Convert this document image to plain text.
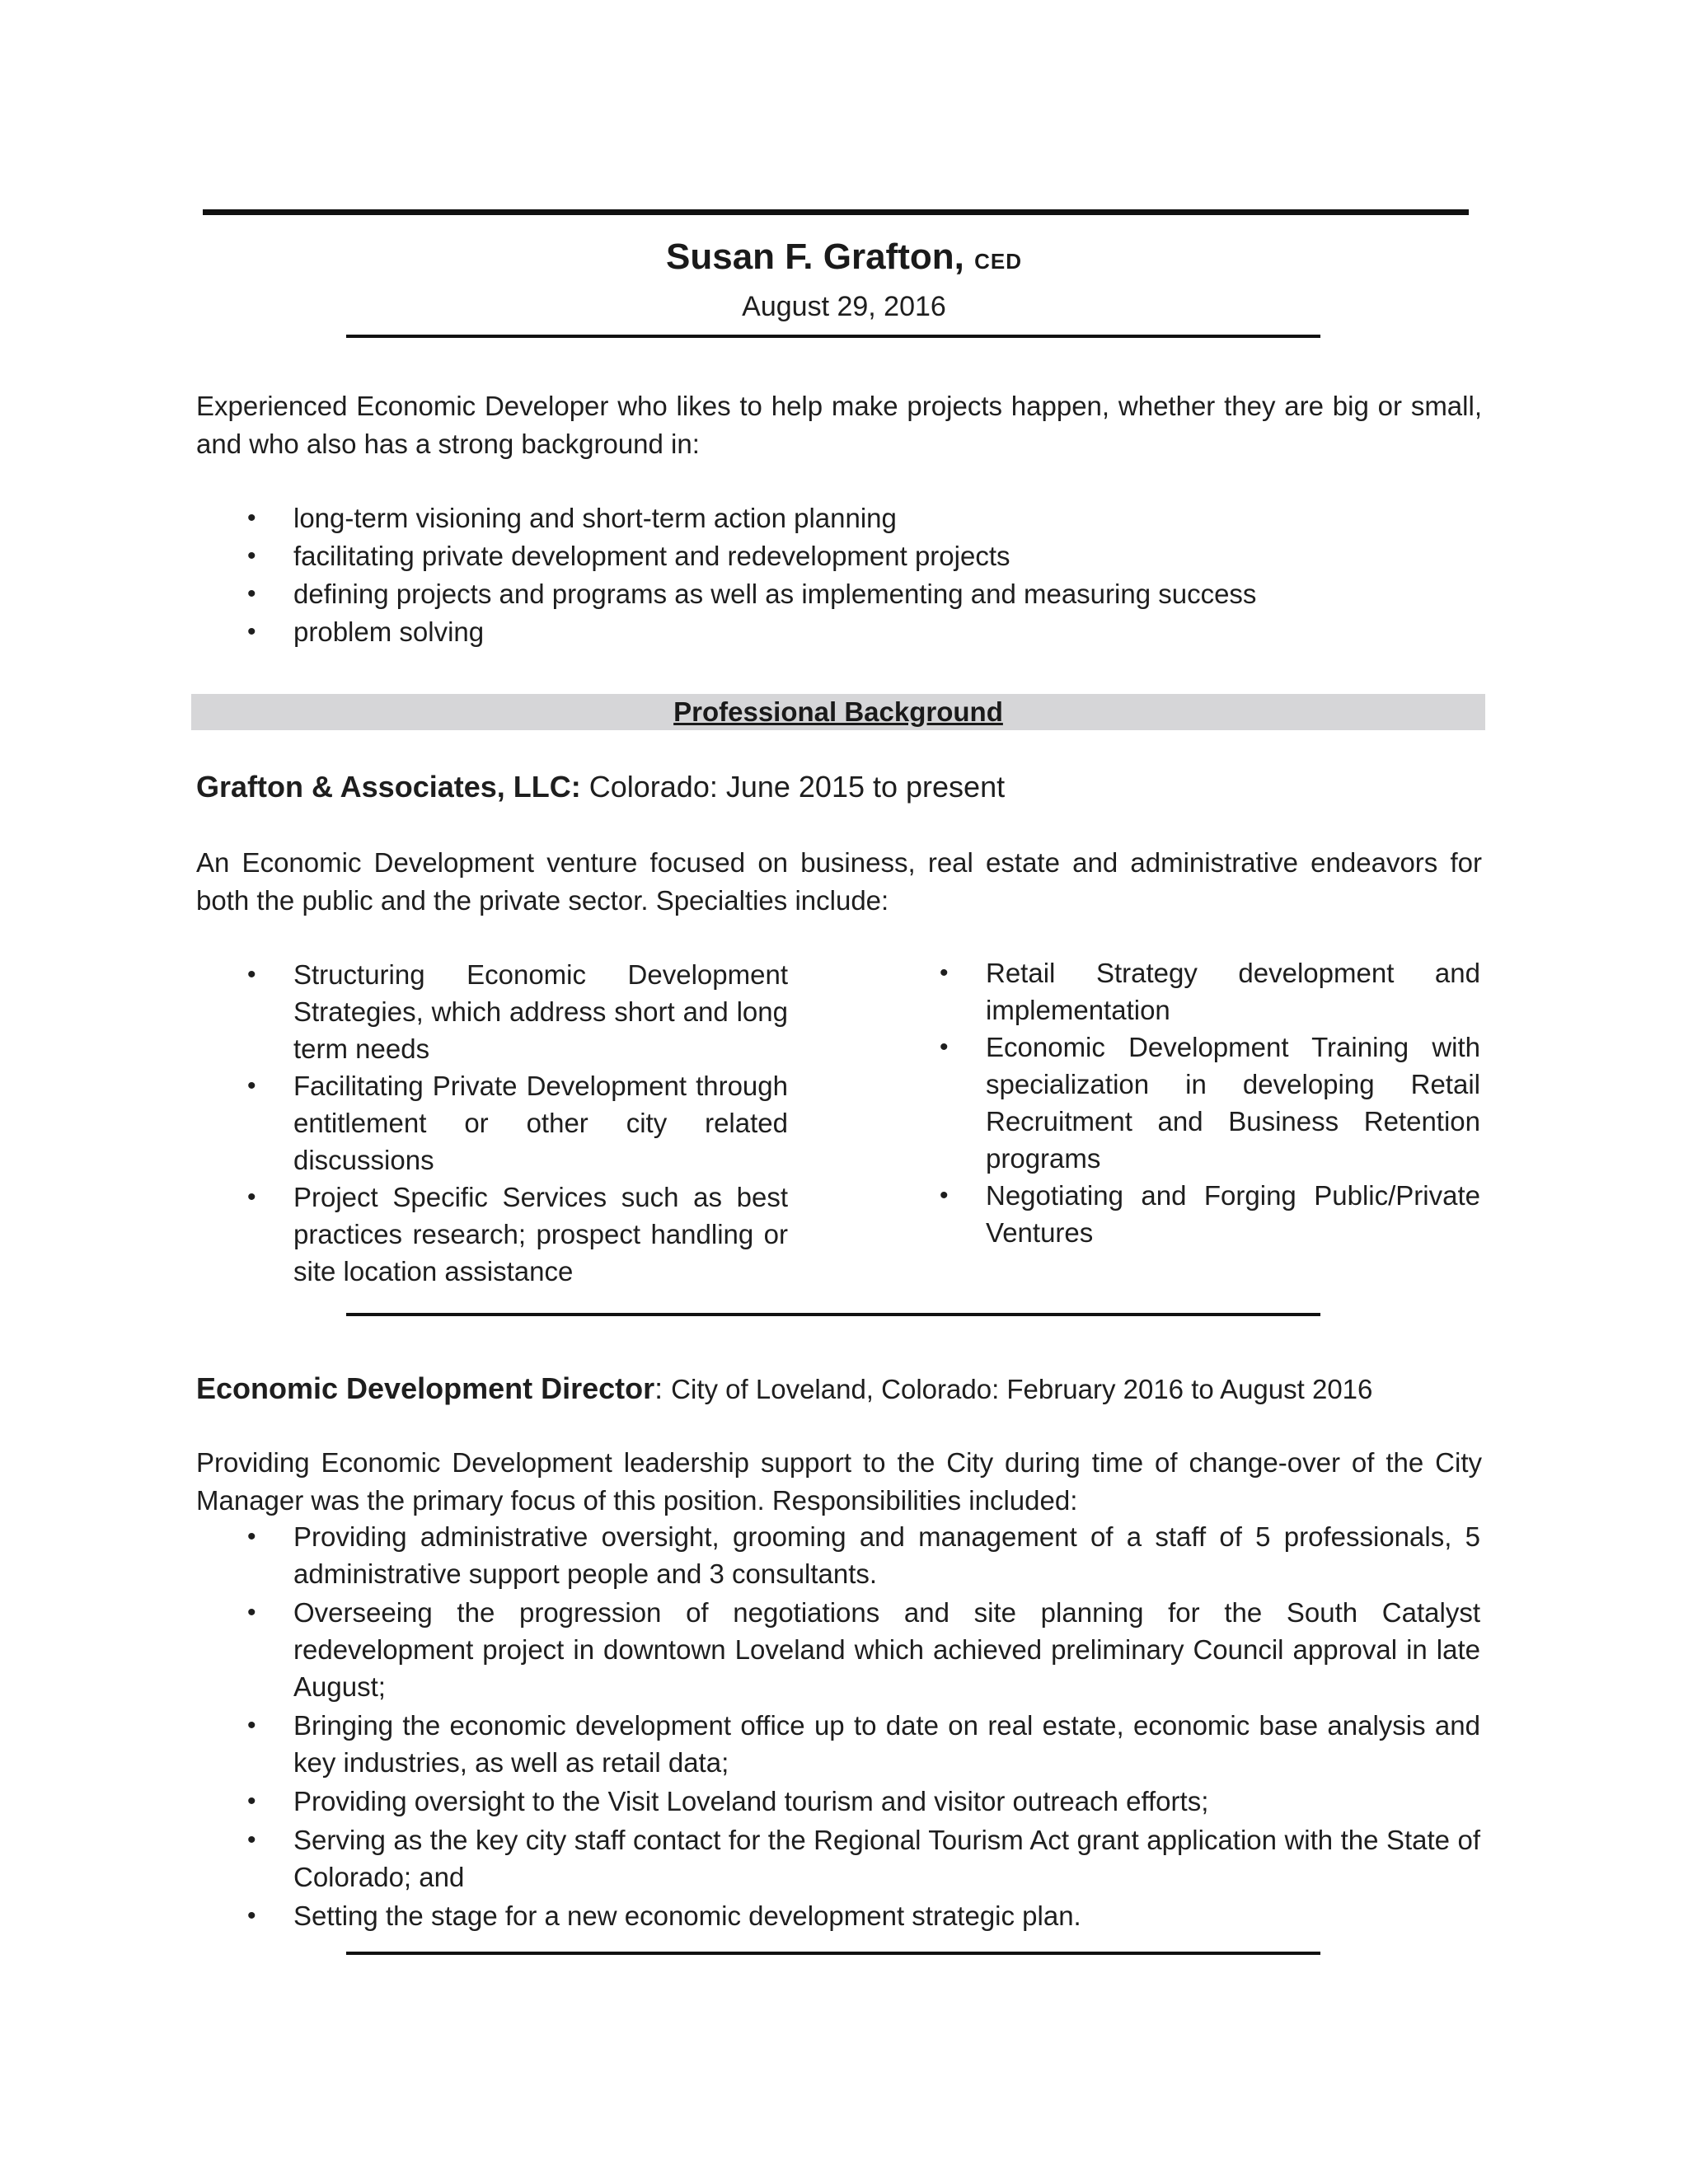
Susan F. Grafton, CED
August 29, 2016

Experienced Economic Developer who likes to help make projects happen, whether they are big or small, and who also has a strong background in:

• long-term visioning and short-term action planning
• facilitating private development and redevelopment projects
• defining projects and programs as well as implementing and measuring success
• problem solving
Professional Background
Grafton & Associates, LLC: Colorado: June 2015 to present

An Economic Development venture focused on business, real estate and administrative endeavors for both the public and the private sector. Specialties include:

• Structuring Economic Development Strategies, which address short and long term needs
• Facilitating Private Development through entitlement or other city related discussions
• Project Specific Services such as best practices research; prospect handling or site location assistance
• Retail Strategy development and implementation
• Economic Development Training with specialization in developing Retail Recruitment and Business Retention programs
• Negotiating and Forging Public/Private Ventures
Economic Development Director: City of Loveland, Colorado: February 2016 to August 2016

Providing Economic Development leadership support to the City during time of change-over of the City Manager was the primary focus of this position. Responsibilities included:

• Providing administrative oversight, grooming and management of a staff of 5 professionals, 5 administrative support people and 3 consultants.
• Overseeing the progression of negotiations and site planning for the South Catalyst redevelopment project in downtown Loveland which achieved preliminary Council approval in late August;
• Bringing the economic development office up to date on real estate, economic base analysis and key industries, as well as retail data;
• Providing oversight to the Visit Loveland tourism and visitor outreach efforts;
• Serving as the key city staff contact for the Regional Tourism Act grant application with the State of Colorado; and
• Setting the stage for a new economic development strategic plan.
